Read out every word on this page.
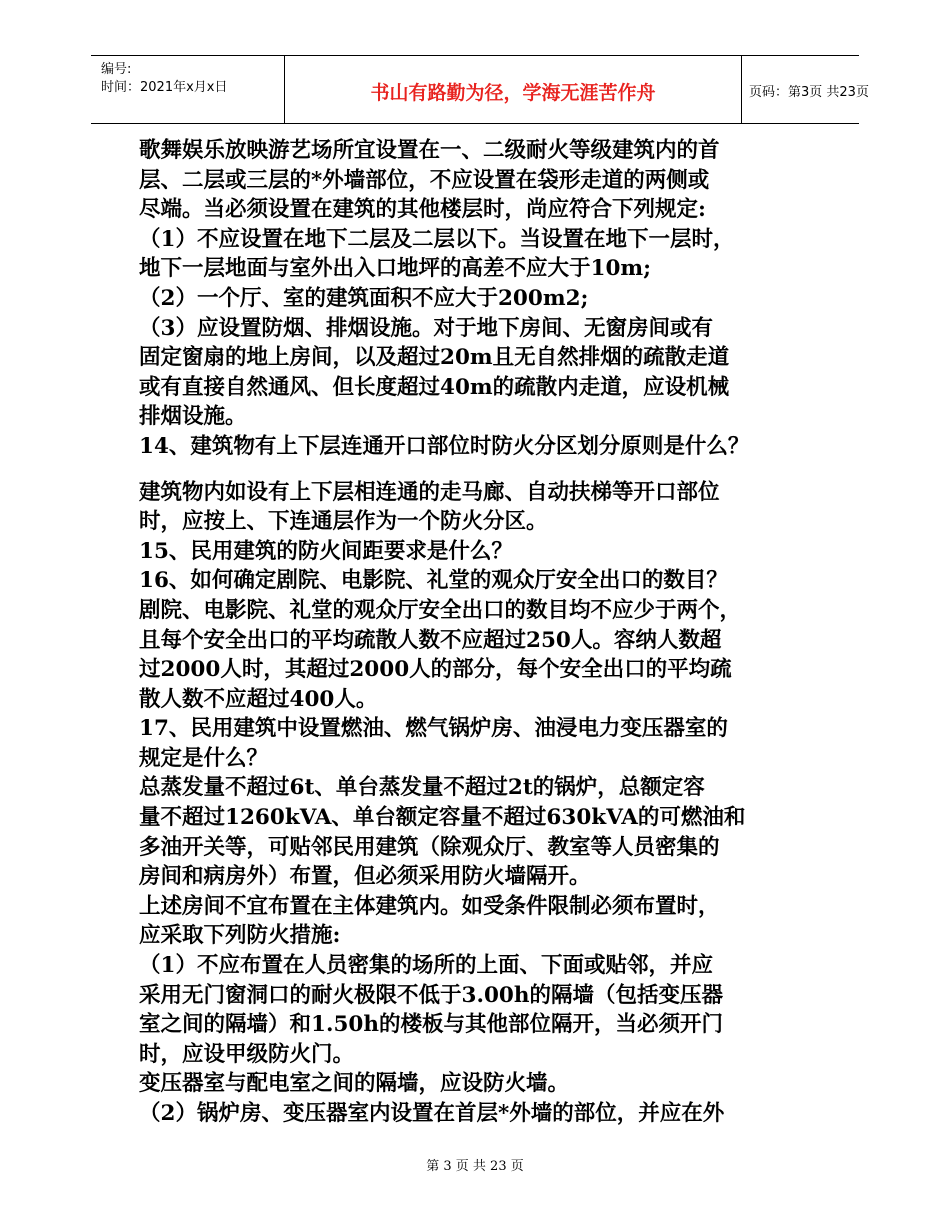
编号:
时间：2021年x月x日	书山有路勤为径，学海无涯苦作舟	页码：第3页 共23页
歌舞娱乐放映游艺场所宜设置在一、二级耐火等级建筑内的首
层、二层或三层的*外墙部位，不应设置在袋形走道的两侧或
尽端。当必须设置在建筑的其他楼层时，尚应符合下列规定:
（1）不应设置在地下二层及二层以下。当设置在地下一层时，
地下一层地面与室外出入口地坪的高差不应大于10m;
（2）一个厅、室的建筑面积不应大于200m2;
（3）应设置防烟、排烟设施。对于地下房间、无窗房间或有
固定窗扇的地上房间，以及超过20m且无自然排烟的疏散走道
或有直接自然通风、但长度超过40m的疏散内走道，应设机械
排烟设施。
14、建筑物有上下层连通开口部位时防火分区划分原则是什么？
建筑物内如设有上下层相连通的走马廊、自动扶梯等开口部位
时，应按上、下连通层作为一个防火分区。
15、民用建筑的防火间距要求是什么？
16、如何确定剧院、电影院、礼堂的观众厅安全出口的数目？
剧院、电影院、礼堂的观众厅安全出口的数目均不应少于两个，
且每个安全出口的平均疏散人数不应超过250人。容纳人数超
过2000人时，其超过2000人的部分，每个安全出口的平均疏
散人数不应超过400人。
17、民用建筑中设置燃油、燃气锅炉房、油浸电力变压器室的
规定是什么？
总蒸发量不超过6t、单台蒸发量不超过2t的锅炉，总额定容
量不超过1260kVA、单台额定容量不超过630kVA的可燃油和
多油开关等，可贴邻民用建筑（除观众厅、教室等人员密集的
房间和病房外）布置，但必须采用防火墙隔开。
上述房间不宜布置在主体建筑内。如受条件限制必须布置时，
应采取下列防火措施:
（1）不应布置在人员密集的场所的上面、下面或贴邻，并应
采用无门窗洞口的耐火极限不低于3.00h的隔墙（包括变压器
室之间的隔墙）和1.50h的楼板与其他部位隔开，当必须开门
时，应设甲级防火门。
变压器室与配电室之间的隔墙，应设防火墙。
（2）锅炉房、变压器室内设置在首层*外墙的部位，并应在外
第 3 页 共 23 页
